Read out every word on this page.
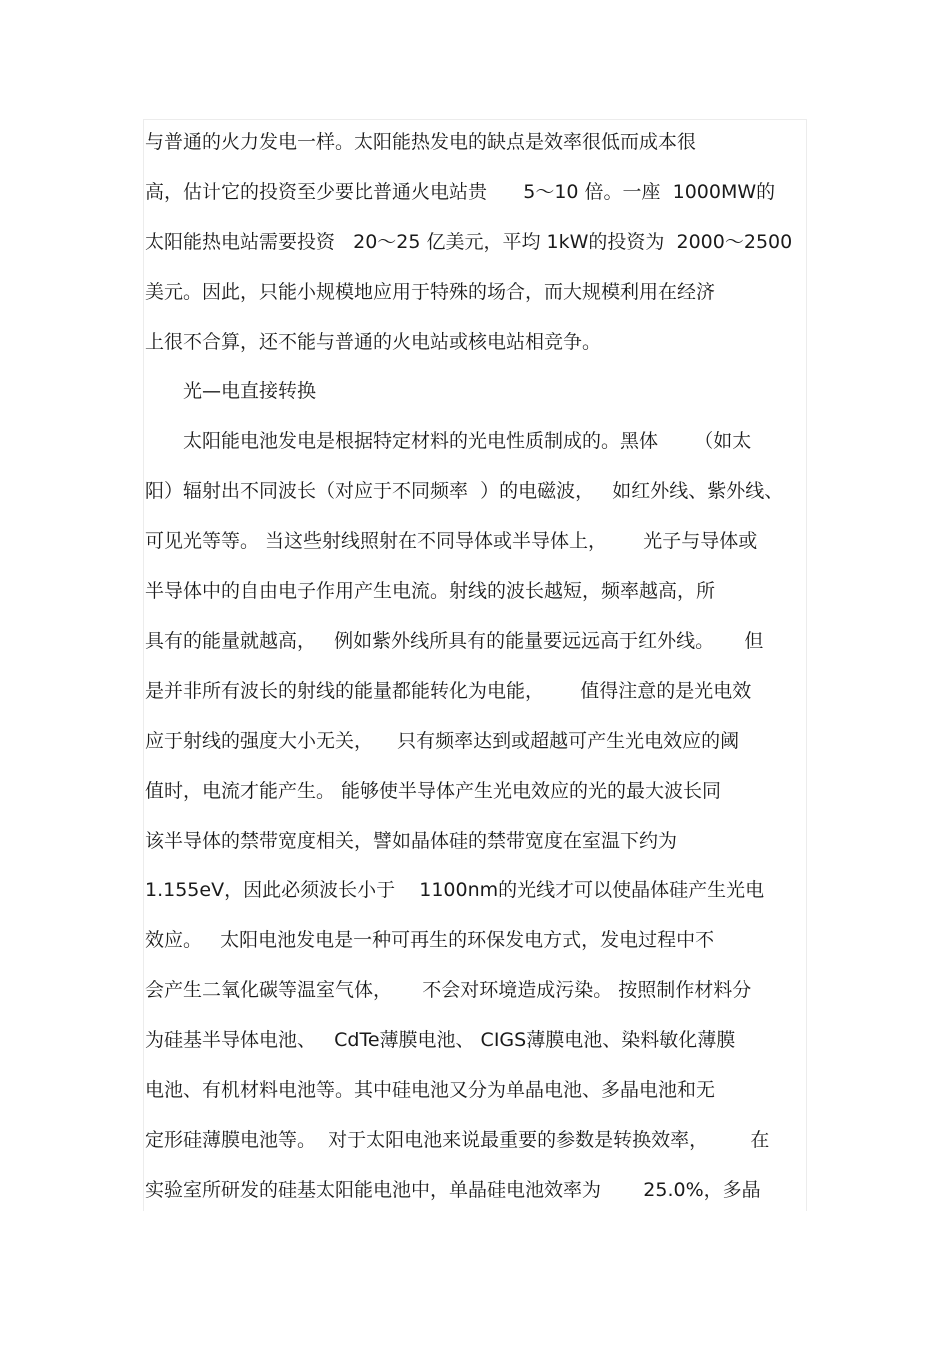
与普通的火力发电一样。太阳能热发电的缺点是效率很低而成本很
高，估计它的投资至少要比普通火电站贵      5～10 倍。一座  1000MW的
太阳能热电站需要投资   20～25 亿美元，平均 1kW的投资为  2000～2500
美元。因此，只能小规模地应用于特殊的场合，而大规模利用在经济
上很不合算，还不能与普通的火电站或核电站相竞争。
光—电直接转换
太阳能电池发电是根据特定材料的光电性质制成的。黑体      （如太
阳）辐射出不同波长（对应于不同频率  ）的电磁波，   如红外线、紫外线、
可见光等等。 当这些射线照射在不同导体或半导体上，      光子与导体或
半导体中的自由电子作用产生电流。射线的波长越短，频率越高，所
具有的能量就越高，   例如紫外线所具有的能量要远远高于红外线。     但
是并非所有波长的射线的能量都能转化为电能，      值得注意的是光电效
应于射线的强度大小无关，    只有频率达到或超越可产生光电效应的阈
值时，电流才能产生。 能够使半导体产生光电效应的光的最大波长同
该半导体的禁带宽度相关，譬如晶体硅的禁带宽度在室温下约为
1.155eV，因此必须波长小于    1100nm的光线才可以使晶体硅产生光电
效应。   太阳电池发电是一种可再生的环保发电方式，发电过程中不
会产生二氧化碳等温室气体，     不会对环境造成污染。 按照制作材料分
为硅基半导体电池、   CdTe薄膜电池、 CIGS薄膜电池、染料敏化薄膜
电池、有机材料电池等。其中硅电池又分为单晶电池、多晶电池和无
定形硅薄膜电池等。  对于太阳电池来说最重要的参数是转换效率，       在
实验室所研发的硅基太阳能电池中，单晶硅电池效率为       25.0%，多晶
